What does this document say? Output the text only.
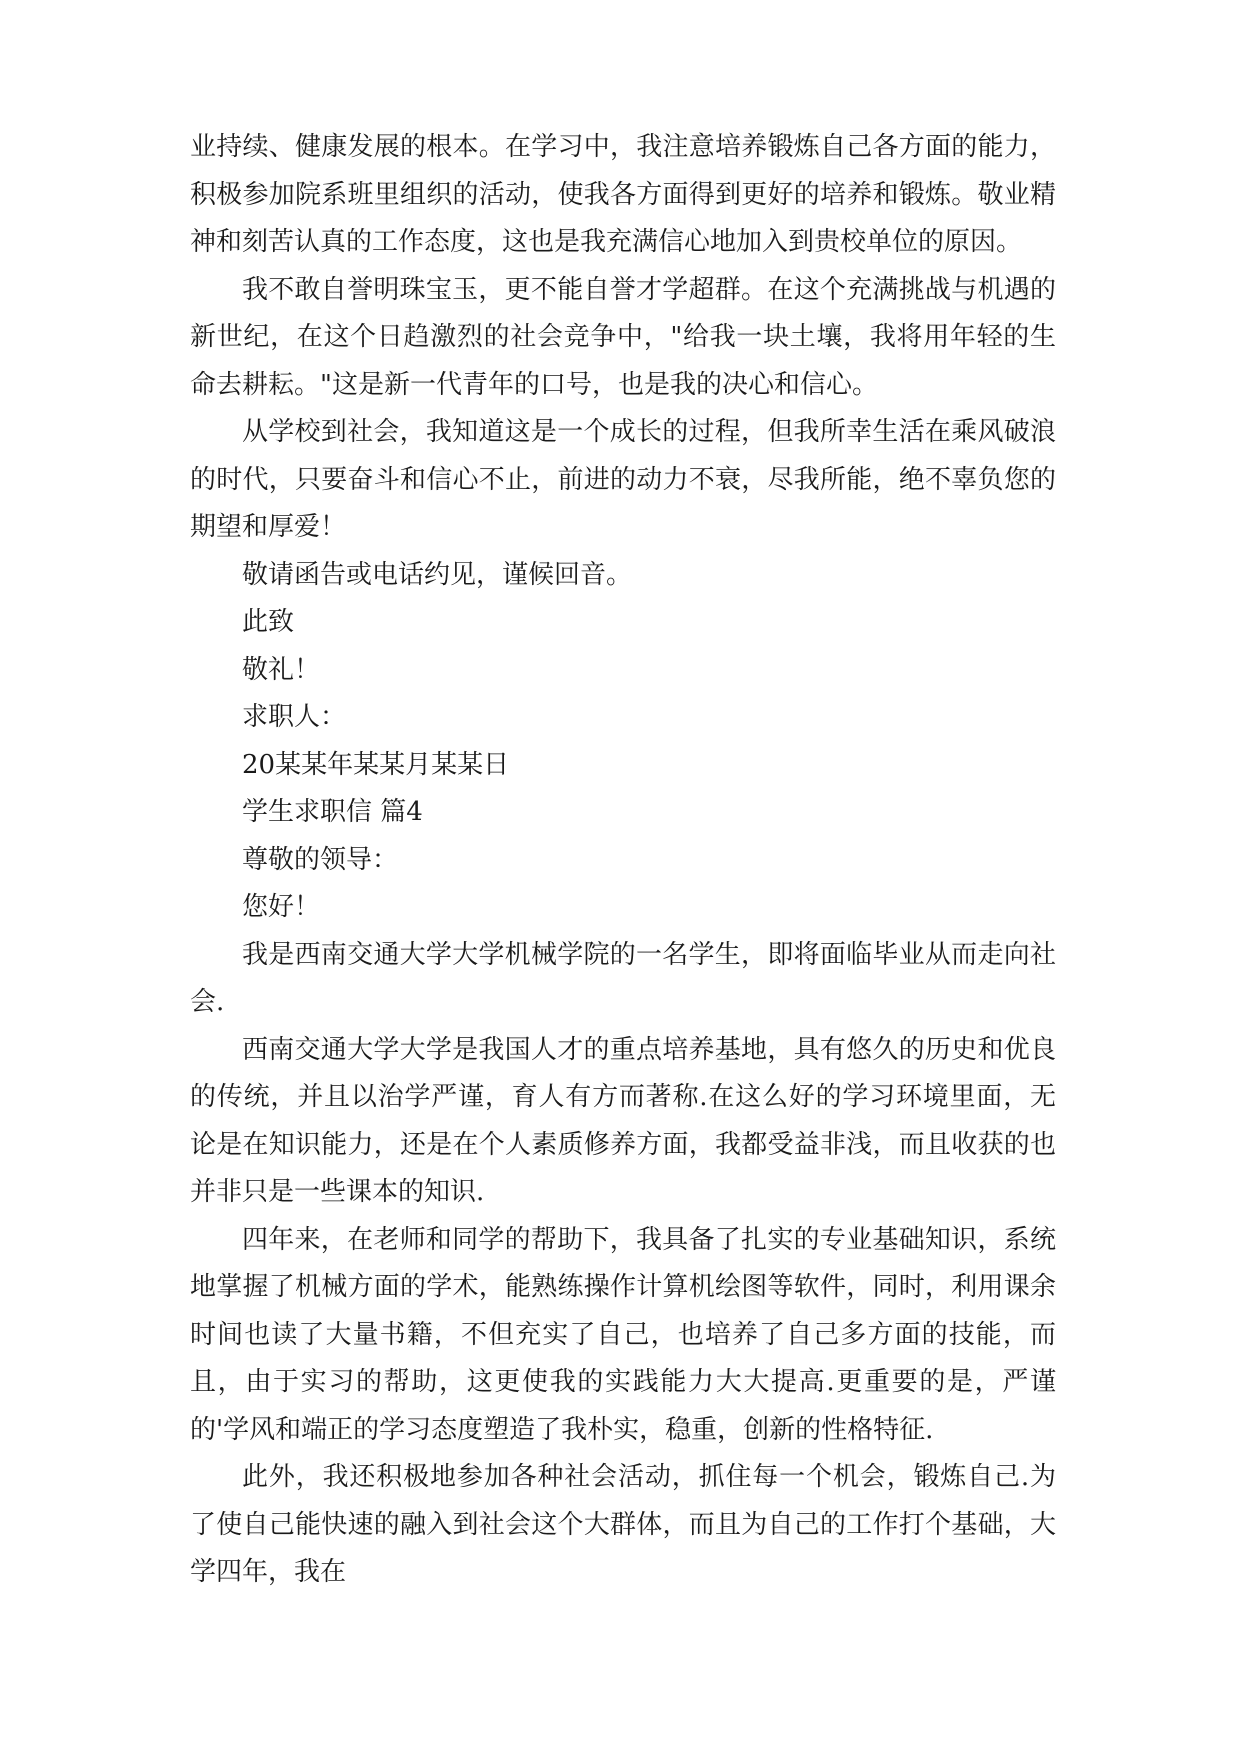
业持续、健康发展的根本。在学习中，我注意培养锻炼自己各方面的能力，积极参加院系班里组织的活动，使我各方面得到更好的培养和锻炼。敬业精神和刻苦认真的工作态度，这也是我充满信心地加入到贵校单位的原因。

我不敢自誉明珠宝玉，更不能自誉才学超群。在这个充满挑战与机遇的新世纪，在这个日趋激烈的社会竞争中，"给我一块土壤，我将用年轻的生命去耕耘。"这是新一代青年的口号，也是我的决心和信心。

从学校到社会，我知道这是一个成长的过程，但我所幸生活在乘风破浪的时代，只要奋斗和信心不止，前进的动力不衰，尽我所能，绝不辜负您的期望和厚爱！

敬请函告或电话约见，谨候回音。

此致

敬礼！

求职人：

20某某年某某月某某日

学生求职信 篇4

尊敬的领导：

您好！

我是西南交通大学大学机械学院的一名学生，即将面临毕业从而走向社会.

西南交通大学大学是我国人才的重点培养基地，具有悠久的历史和优良的传统，并且以治学严谨，育人有方而著称.在这么好的学习环境里面，无论是在知识能力，还是在个人素质修养方面，我都受益非浅，而且收获的也并非只是一些课本的知识.

四年来，在老师和同学的帮助下，我具备了扎实的专业基础知识，系统地掌握了机械方面的学术，能熟练操作计算机绘图等软件，同时，利用课余时间也读了大量书籍，不但充实了自己，也培养了自己多方面的技能，而且，由于实习的帮助，这更使我的实践能力大大提高.更重要的是，严谨的'学风和端正的学习态度塑造了我朴实，稳重，创新的性格特征.

此外，我还积极地参加各种社会活动，抓住每一个机会，锻炼自己.为了使自己能快速的融入到社会这个大群体，而且为自己的工作打个基础，大学四年，我在
